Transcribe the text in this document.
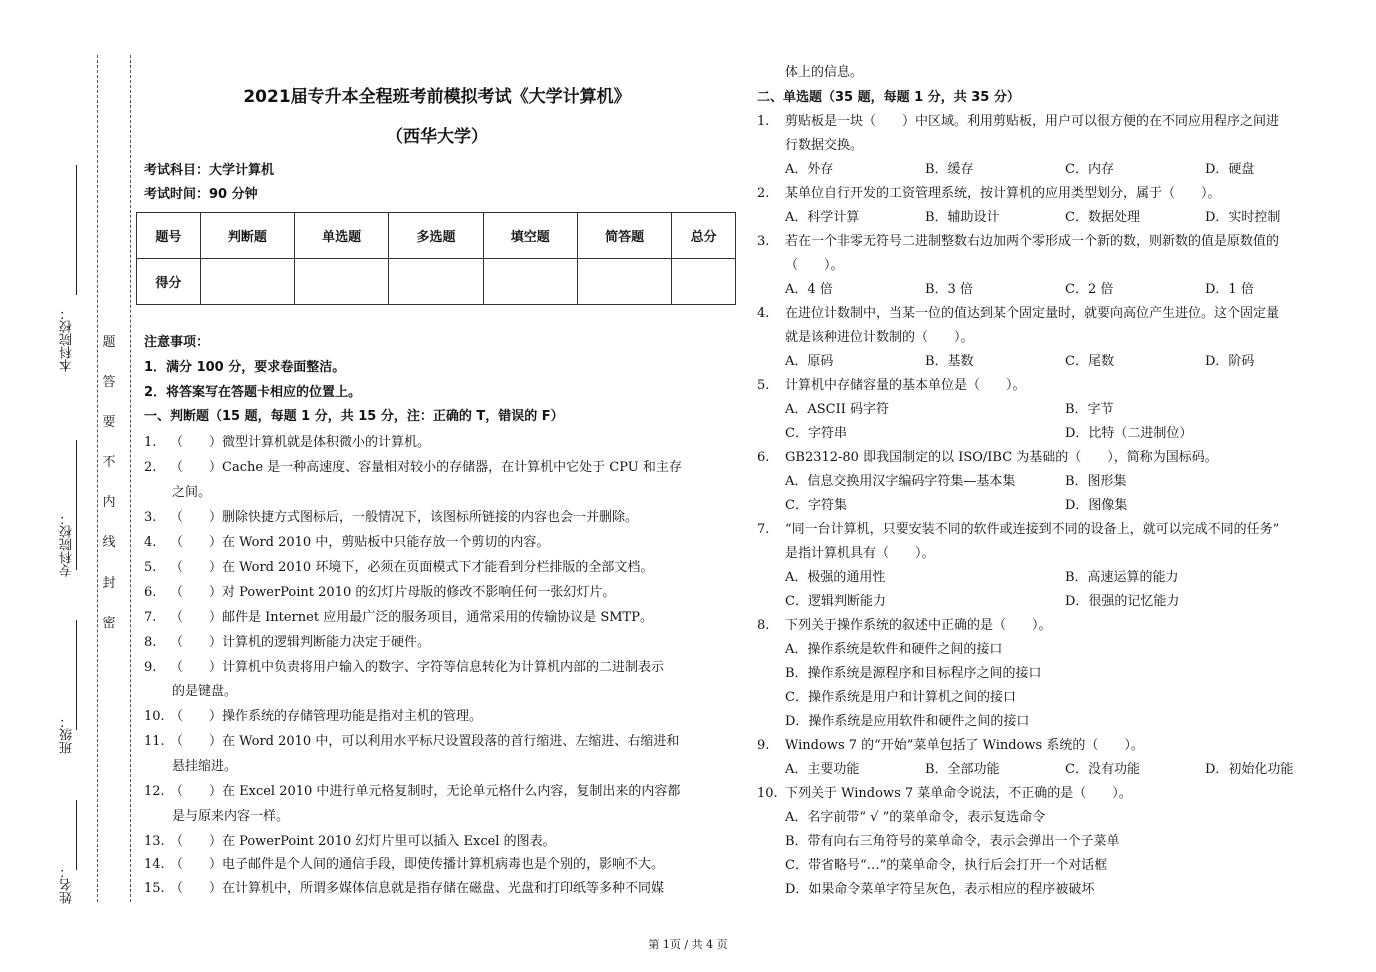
姓名：
班级：
专科院校：
本科院校：	题
答
要
不
内
线
封
密
2021届专升本全程班考前模拟考试《大学计算机》
（西华大学）
考试科目：大学计算机
考试时间：90 分钟
题号	判断题	单选题	多选题	填空题	简答题	总分
得分						
注意事项：
1．满分 100 分，要求卷面整洁。
2．将答案写在答题卡相应的位置上。
一、判断题（15 题，每题 1 分，共 15 分，注：正确的 T，错误的 F）
1. （　　）微型计算机就是体积微小的计算机。
2. （　　）Cache 是一种高速度、容量相对较小的存储器，在计算机中它处于 CPU 和主存
之间。
3. （　　）删除快捷方式图标后，一般情况下，该图标所链接的内容也会一并删除。
4. （　　）在 Word 2010 中，剪贴板中只能存放一个剪切的内容。
5. （　　）在 Word 2010 环境下，必须在页面模式下才能看到分栏排版的全部文档。
6. （　　）对 PowerPoint 2010 的幻灯片母版的修改不影响任何一张幻灯片。
7. （　　）邮件是 Internet 应用最广泛的服务项目，通常采用的传输协议是 SMTP。
8. （　　）计算机的逻辑判断能力决定于硬件。
9. （　　）计算机中负责将用户输入的数字、字符等信息转化为计算机内部的二进制表示
的是键盘。
10. （　　）操作系统的存储管理功能是指对主机的管理。
11. （　　）在 Word 2010 中，可以利用水平标尺设置段落的首行缩进、左缩进、右缩进和
悬挂缩进。
12. （　　）在 Excel 2010 中进行单元格复制时，无论单元格什么内容，复制出来的内容都
是与原来内容一样。
13. （　　）在 PowerPoint 2010 幻灯片里可以插入 Excel 的图表。
14. （　　）电子邮件是个人间的通信手段，即使传播计算机病毒也是个别的，影响不大。
15. （　　）在计算机中，所谓多媒体信息就是指存储在磁盘、光盘和打印纸等多种不同媒
体上的信息。
二、单选题（35 题，每题 1 分，共 35 分）
1. 剪贴板是一块（　　）中区域。利用剪贴板，用户可以很方便的在不同应用程序之间进
行数据交换。
A．外存	B．缓存	C．内存	D．硬盘
2. 某单位自行开发的工资管理系统，按计算机的应用类型划分，属于（　　）。
A．科学计算	B．辅助设计	C．数据处理	D．实时控制
3. 若在一个非零无符号二进制整数右边加两个零形成一个新的数，则新数的值是原数值的
（　　）。
A．4 倍	B．3 倍	C．2 倍	D．1 倍
4. 在进位计数制中，当某一位的值达到某个固定量时，就要向高位产生进位。这个固定量
就是该种进位计数制的（　　）。
A．原码	B．基数	C．尾数	D．阶码
5. 计算机中存储容量的基本单位是（　　）。
A．ASCII 码字符	B．字节
C．字符串	D．比特（二进制位）
6. GB2312-80 即我国制定的以 ISO/IBC 为基础的（　　），简称为国标码。
A．信息交换用汉字编码字符集—基本集	B．图形集
C．字符集	D．图像集
7. “同一台计算机，只要安装不同的软件或连接到不同的设备上，就可以完成不同的任务”
是指计算机具有（　　）。
A．极强的通用性	B．高速运算的能力
C．逻辑判断能力	D．很强的记忆能力
8. 下列关于操作系统的叙述中正确的是（　　）。
A．操作系统是软件和硬件之间的接口
B．操作系统是源程序和目标程序之间的接口
C．操作系统是用户和计算机之间的接口
D．操作系统是应用软件和硬件之间的接口
9. Windows 7 的“开始”菜单包括了 Windows 系统的（　　）。
A．主要功能	B．全部功能	C．没有功能	D．初始化功能
10. 下列关于 Windows 7 菜单命令说法，不正确的是（　　）。
A．名字前带“ √ ”的菜单命令，表示复选命令
B．带有向右三角符号的菜单命令，表示会弹出一个子菜单
C．带省略号“…”的菜单命令，执行后会打开一个对话框
D．如果命令菜单字符呈灰色，表示相应的程序被破坏
第 1页 / 共 4 页
